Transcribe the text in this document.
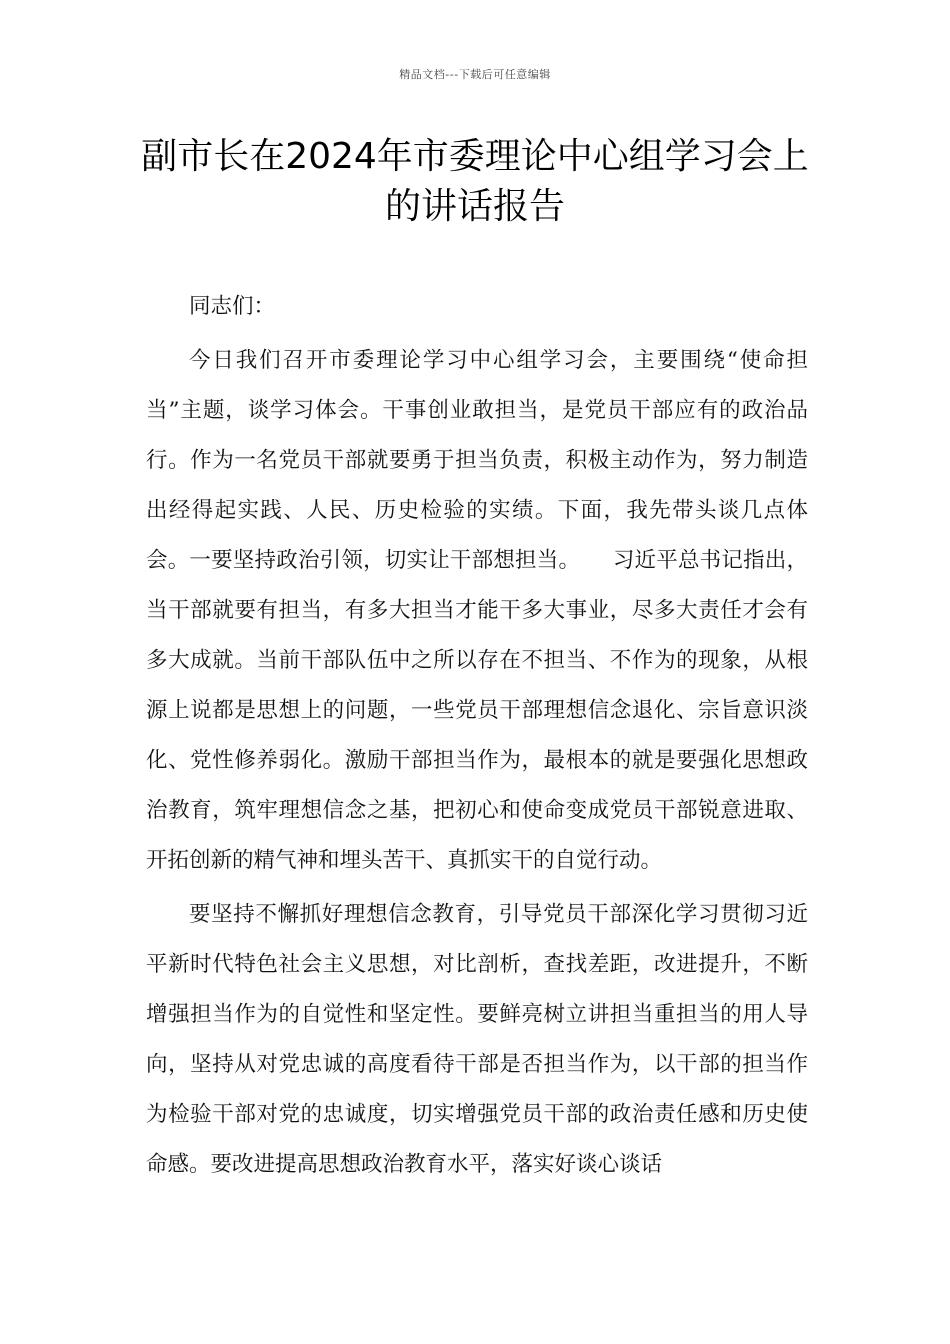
精品文档---下载后可任意编辑
副市长在2024年市委理论中心组学习会上的讲话报告

同志们：

今日我们召开市委理论学习中心组学习会，主要围绕“使命担当”主题，谈学习体会。干事创业敢担当，是党员干部应有的政治品行。作为一名党员干部就要勇于担当负责，积极主动作为，努力制造出经得起实践、人民、历史检验的实绩。下面，我先带头谈几点体会。一要坚持政治引领，切实让干部想担当。　　习近平总书记指出，当干部就要有担当，有多大担当才能干多大事业，尽多大责任才会有多大成就。当前干部队伍中之所以存在不担当、不作为的现象，从根源上说都是思想上的问题，一些党员干部理想信念退化、宗旨意识淡化、党性修养弱化。激励干部担当作为，最根本的就是要强化思想政治教育，筑牢理想信念之基，把初心和使命变成党员干部锐意进取、开拓创新的精气神和埋头苦干、真抓实干的自觉行动。

要坚持不懈抓好理想信念教育，引导党员干部深化学习贯彻习近平新时代特色社会主义思想，对比剖析，查找差距，改进提升，不断增强担当作为的自觉性和坚定性。要鲜亮树立讲担当重担当的用人导向，坚持从对党忠诚的高度看待干部是否担当作为，以干部的担当作为检验干部对党的忠诚度，切实增强党员干部的政治责任感和历史使命感。要改进提高思想政治教育水平，落实好谈心谈话
